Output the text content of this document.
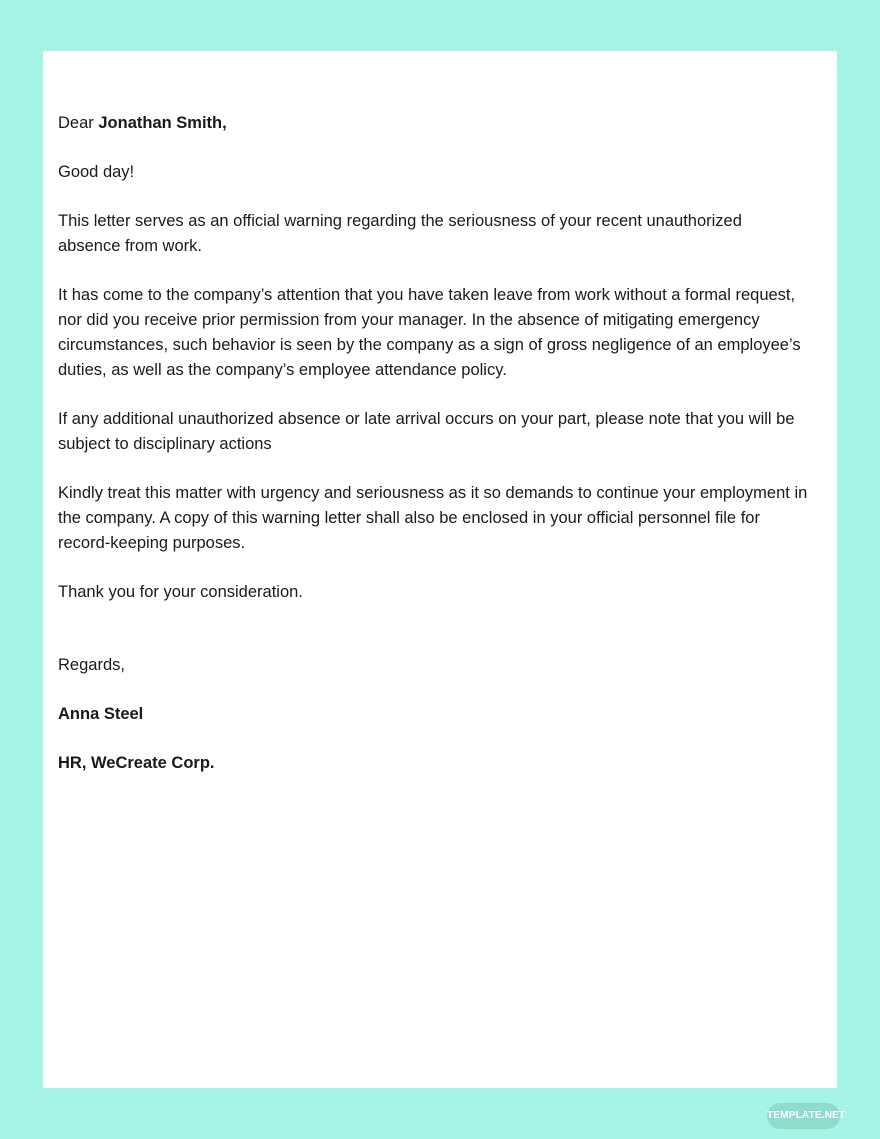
Dear Jonathan Smith,

Good day!

This letter serves as an official warning regarding the seriousness of your recent unauthorized absence from work.

It has come to the company’s attention that you have taken leave from work without a formal request, nor did you receive prior permission from your manager. In the absence of mitigating emergency circumstances, such behavior is seen by the company as a sign of gross negligence of an employee’s duties, as well as the company’s employee attendance policy.

If any additional unauthorized absence or late arrival occurs on your part, please note that you will be subject to disciplinary actions

Kindly treat this matter with urgency and seriousness as it so demands to continue your employment in the company. A copy of this warning letter shall also be enclosed in your official personnel file for record-keeping purposes.

Thank you for your consideration.

Regards,

Anna Steel

HR, WeCreate Corp.

TEMPLATE.NET
